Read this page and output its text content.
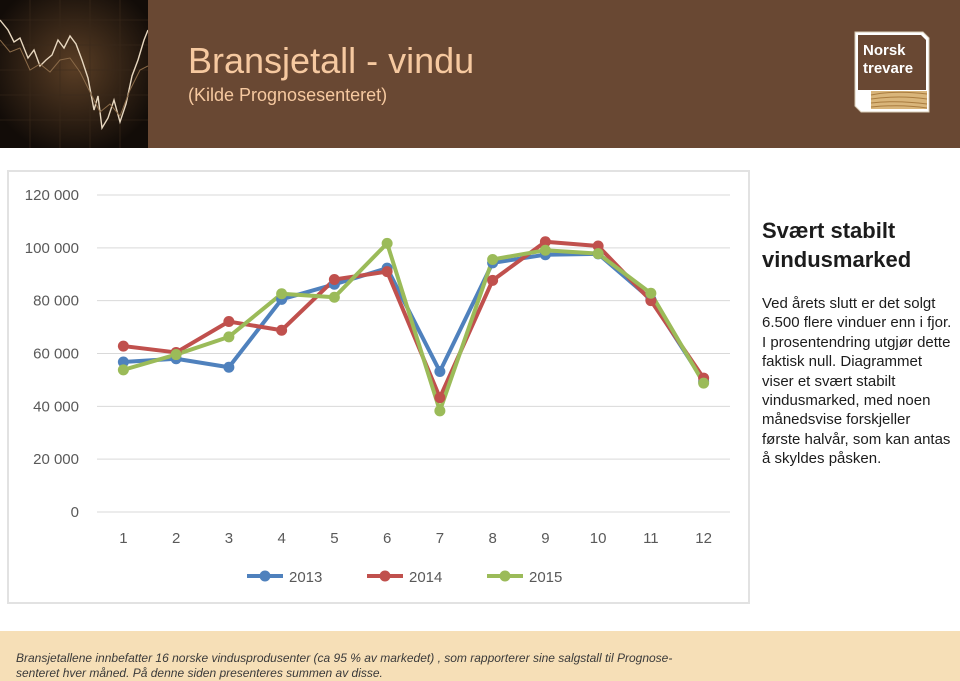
Bransjetall - vindu
(Kilde Prognosesenteret)
Norsk
trevare
0
20 000
40 000
60 000
80 000
100 000
120 000
1	2	3	4	5	6	7	8	9	10 11 12
2013	2014	2015
Svært stabilt vindusmarked
Ved årets slutt er det solgt 6.500 flere vinduer enn i fjor. I prosentendring utgjør dette faktisk null. Diagrammet viser et svært stabilt vindusmarked, med noen månedsvise forskjeller første halvår, som kan antas å skyldes påsken.
Bransjetallene innbefatter 16 norske vindusprodusenter (ca 95 % av markedet) , som rapporterer sine salgstall til Prognose-senteret hver måned. På denne siden presenteres summen av disse.
